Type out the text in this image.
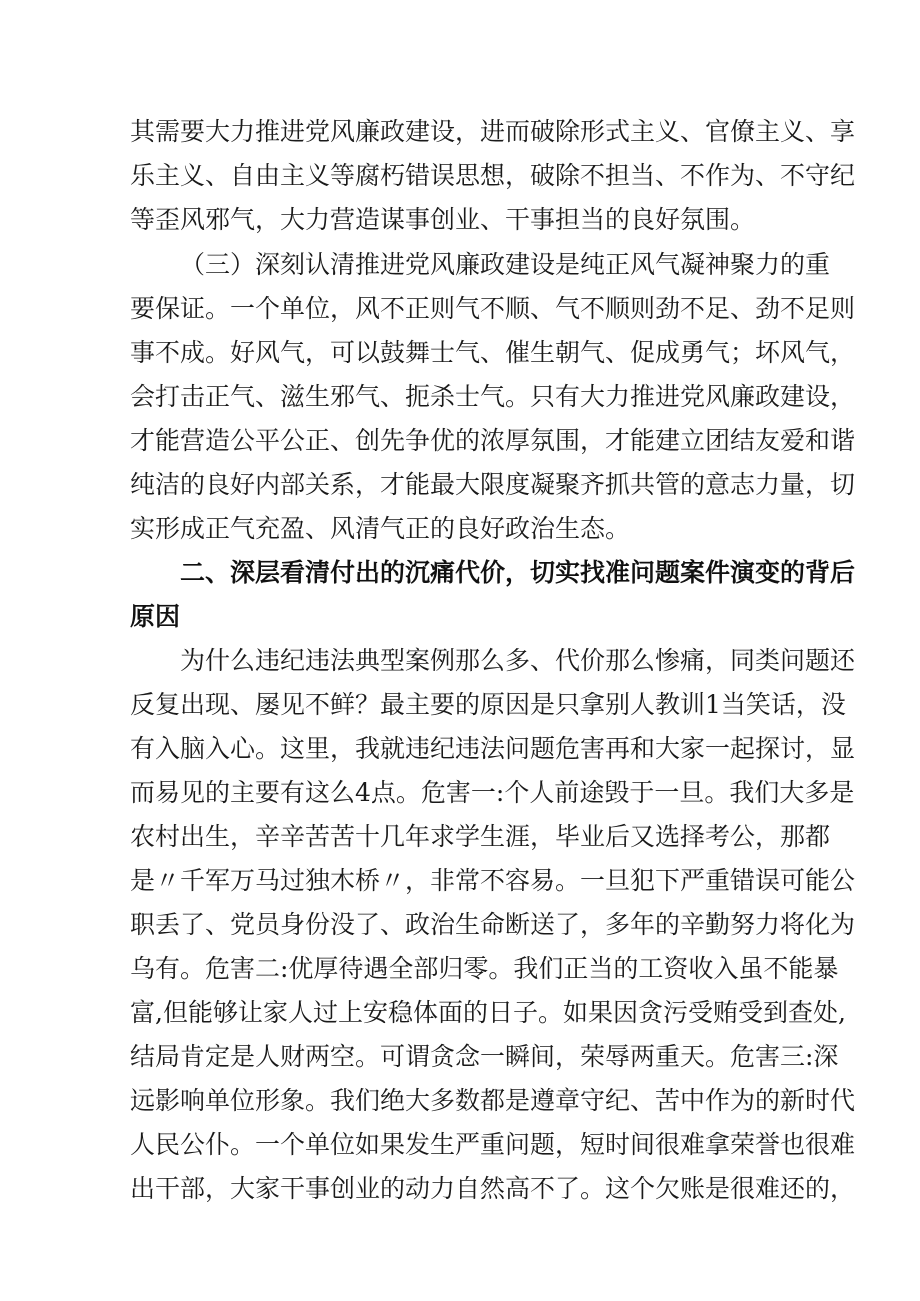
其需要大力推进党风廉政建设，进而破除形式主义、官僚主义、享

乐主义、自由主义等腐朽错误思想，破除不担当、不作为、不守纪

等歪风邪气，大力营造谋事创业、干事担当的良好氛围。

（三）深刻认清推进党风廉政建设是纯正风气凝神聚力的重

要保证。一个单位，风不正则气不顺、气不顺则劲不足、劲不足则

事不成。好风气，可以鼓舞士气、催生朝气、促成勇气；坏风气，

会打击正气、滋生邪气、扼杀士气。只有大力推进党风廉政建设，

才能营造公平公正、创先争优的浓厚氛围，才能建立团结友爱和谐

纯洁的良好内部关系，才能最大限度凝聚齐抓共管的意志力量，切

实形成正气充盈、风清气正的良好政治生态。

二、深层看清付出的沉痛代价，切实找准问题案件演变的背后

原因

为什么违纪违法典型案例那么多、代价那么惨痛，同类问题还

反复出现、屡见不鲜？最主要的原因是只拿别人教训1当笑话，没

有入脑入心。这里，我就违纪违法问题危害再和大家一起探讨，显

而易见的主要有这么4点。危害一:个人前途毁于一旦。我们大多是

农村出生，辛辛苦苦十几年求学生涯，毕业后又选择考公，那都

是〃千军万马过独木桥〃，非常不容易。一旦犯下严重错误可能公

职丢了、党员身份没了、政治生命断送了，多年的辛勤努力将化为

乌有。危害二:优厚待遇全部归零。我们正当的工资收入虽不能暴

富,但能够让家人过上安稳体面的日子。如果因贪污受贿受到查处,

结局肯定是人财两空。可谓贪念一瞬间，荣辱两重天。危害三:深

远影响单位形象。我们绝大多数都是遵章守纪、苦中作为的新时代

人民公仆。一个单位如果发生严重问题，短时间很难拿荣誉也很难

出干部，大家干事创业的动力自然高不了。这个欠账是很难还的，
